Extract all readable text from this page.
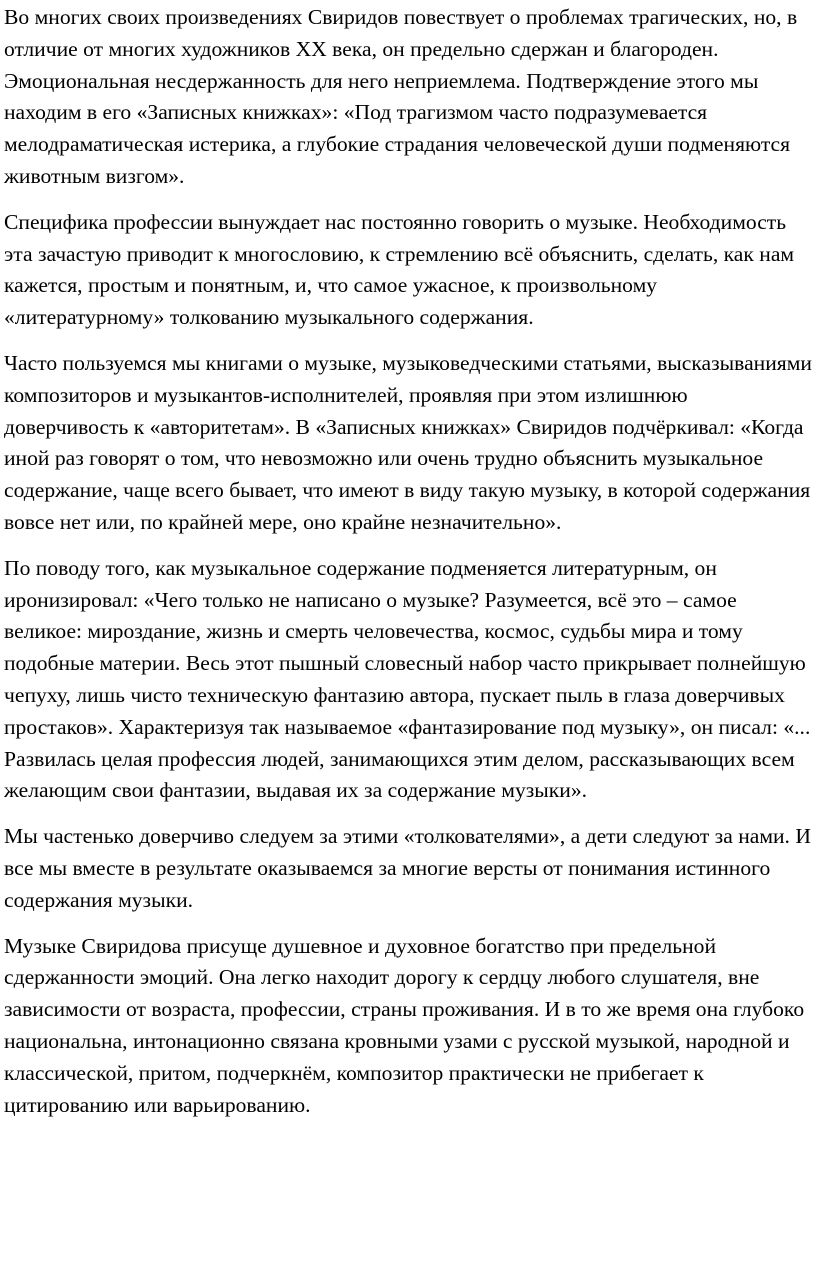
Во многих своих произведениях Свиридов повествует о проблемах трагических, но, в отличие от многих художников ХХ века, он предельно сдержан и благороден. Эмоциональная несдержанность для него неприемлема. Подтверждение этого мы находим в его «Записных книжках»: «Под трагизмом часто подразумевается мелодраматическая истерика, а глубокие страдания человеческой души подменяются животным визгом».

Специфика профессии вынуждает нас постоянно говорить о музыке. Необходимость эта зачастую приводит к многословию, к стремлению всё объяснить, сделать, как нам кажется, простым и понятным, и, что самое ужасное, к произвольному «литературному» толкованию музыкального содержания.

Часто пользуемся мы книгами о музыке, музыковедческими статьями, высказываниями композиторов и музыкантов-исполнителей, проявляя при этом излишнюю доверчивость к «авторитетам». В «Записных книжках» Свиридов подчёркивал: «Когда иной раз говорят о том, что невозможно или очень трудно объяснить музыкальное содержание, чаще всего бывает, что имеют в виду такую музыку, в которой содержания вовсе нет или, по крайней мере, оно крайне незначительно».

По поводу того, как музыкальное содержание подменяется литературным, он иронизировал: «Чего только не написано о музыке? Разумеется, всё это – самое великое: мироздание, жизнь и смерть человечества, космос, судьбы мира и тому подобные материи. Весь этот пышный словесный набор часто прикрывает полнейшую чепуху, лишь чисто техническую фантазию автора, пускает пыль в глаза доверчивых простаков». Характеризуя так называемое «фантазирование под музыку», он писал: «... Развилась целая профессия людей, занимающихся этим делом, рассказывающих всем желающим свои фантазии, выдавая их за содержание музыки».

Мы частенько доверчиво следуем за этими «толкователями», а дети следуют за нами. И все мы вместе в результате оказываемся за многие версты от понимания истинного содержания музыки.

Музыке Свиридова присуще душевное и духовное богатство при предельной сдержанности эмоций. Она легко находит дорогу к сердцу любого слушателя, вне зависимости от возраста, профессии, страны проживания. И в то же время она глубоко национальна, интонационно связана кровными узами с русской музыкой, народной и классической, притом, подчеркнём, композитор практически не прибегает к цитированию или варьированию.
